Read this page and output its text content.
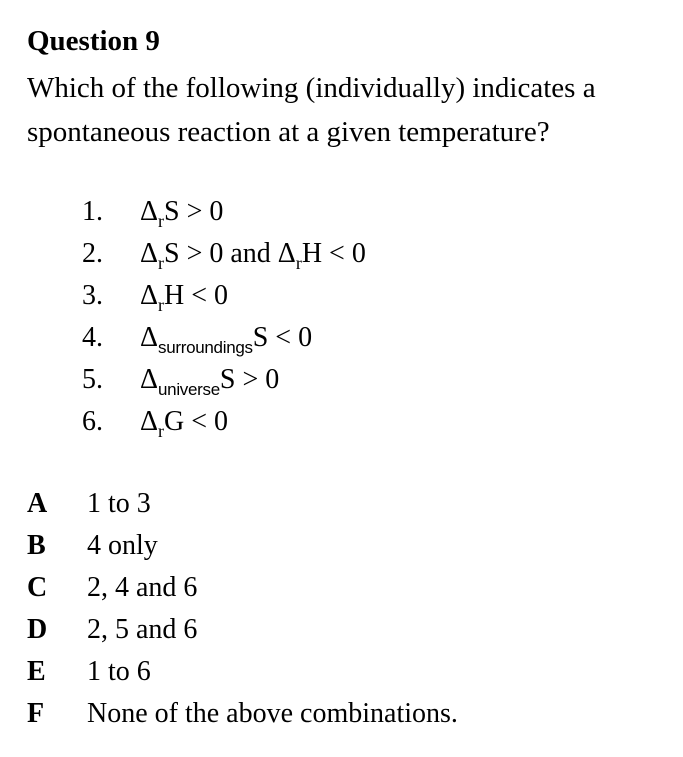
Question 9
Which of the following (individually) indicates a
spontaneous reaction at a given temperature?
1. $\Delta_rS > 0$
2. $\Delta_rS > 0$ and $\Delta_rH < 0$
3. $\Delta_rH < 0$
4. $\Delta_{surroundings}S < 0$
5. $\Delta_{universe}S > 0$
6. $\Delta_rG < 0$
A 1 to 3
B 4 only
C 2, 4 and 6
D 2, 5 and 6
E 1 to 6
F None of the above combinations.
